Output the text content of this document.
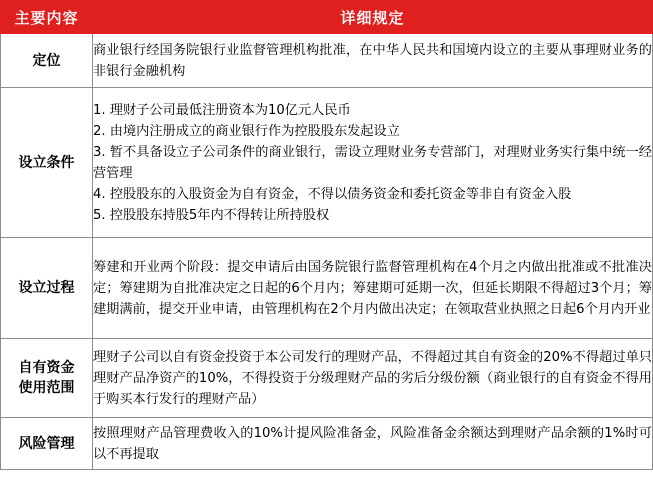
主要内容	详细规定
定位	商业银行经国务院银行业监督管理机构批准，在中华人民共和国境内设立的主要从事理财业务的非银行金融机构
设立条件	1. 理财子公司最低注册资本为10亿元人民币

2. 由境内注册成立的商业银行作为控股股东发起设立

3. 暂不具备设立子公司条件的商业银行，需设立理财业务专营部门，对理财业务实行集中统一经营管理

4. 控股股东的入股资金为自有资金，不得以债务资金和委托资金等非自有资金入股

5. 控股股东持股5年内不得转让所持股权

设立过程	筹建和开业两个阶段：提交申请后由国务院银行监督管理机构在4个月之内做出批准或不批准决定；筹建期为自批准决定之日起的6个月内；筹建期可延期一次，但延长期限不得超过3个月；筹建期满前，提交开业申请，由管理机构在2个月内做出决定；在领取营业执照之日起6个月内开业
自有资金
使用范围	理财子公司以自有资金投资于本公司发行的理财产品，不得超过其自有资金的20%不得超过单只理财产品净资产的10%，不得投资于分级理财产品的劣后分级份额（商业银行的自有资金不得用于购买本行发行的理财产品）
风险管理	按照理财产品管理费收入的10%计提风险准备金，风险准备金余额达到理财产品余额的1%时可以不再提取
